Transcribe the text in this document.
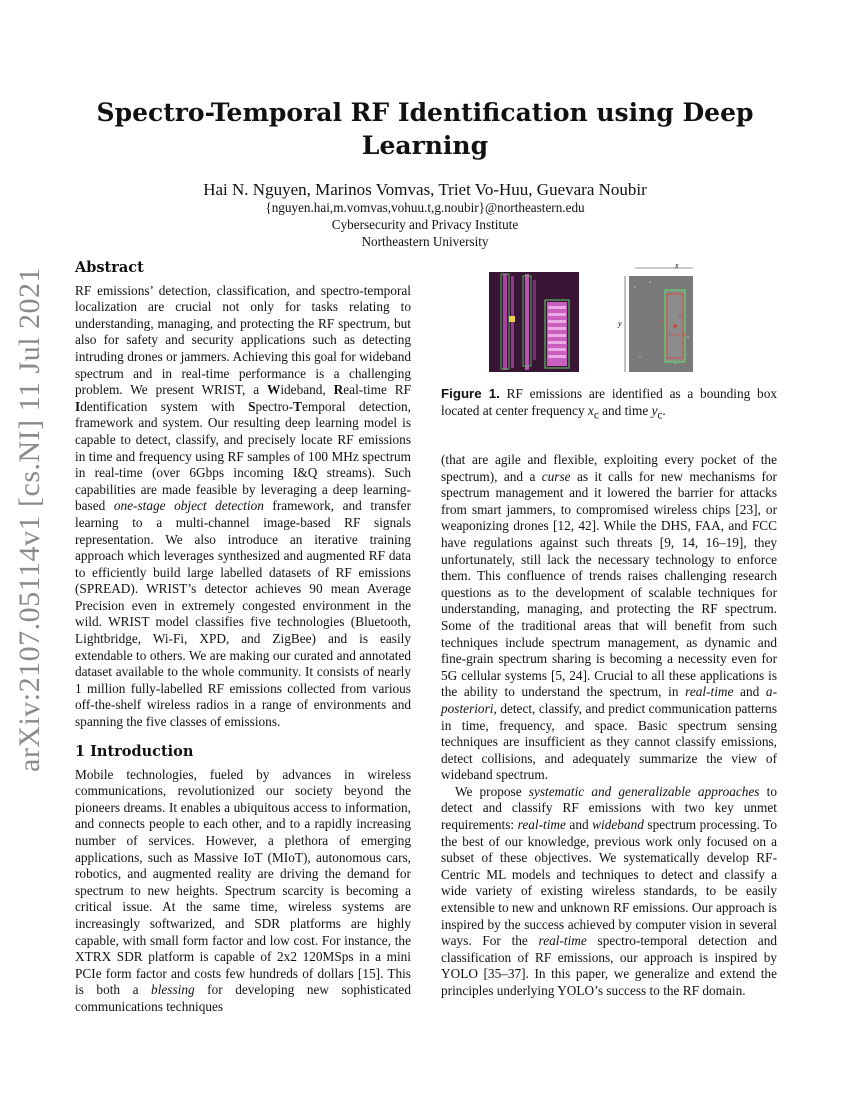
arXiv:2107.05114v1 [cs.NI] 11 Jul 2021
Spectro-Temporal RF Identification using Deep
Learning
Hai N. Nguyen, Marinos Vomvas, Triet Vo-Huu, Guevara Noubir
{nguyen.hai,m.vomvas,vohuu.t,g.noubir}@northeastern.edu
Cybersecurity and Privacy Institute
Northeastern University
Abstract

RF emissions’ detection, classification, and spectro-temporal localization are crucial not only for tasks relating to understanding, managing, and protecting the RF spectrum, but also for safety and security applications such as detecting intruding drones or jammers. Achieving this goal for wideband spectrum and in real-time performance is a challenging problem. We present WRIST, a Wideband, Real-time RF Identification system with Spectro-Temporal detection, framework and system. Our resulting deep learning model is capable to detect, classify, and precisely locate RF emissions in time and frequency using RF samples of 100 MHz spectrum in real-time (over 6Gbps incoming I&Q streams). Such capabilities are made feasible by leveraging a deep learning-based one-stage object detection framework, and transfer learning to a multi-channel image-based RF signals representation. We also introduce an iterative training approach which leverages synthesized and augmented RF data to efficiently build large labelled datasets of RF emissions (SPREAD). WRIST’s detector achieves 90 mean Average Precision even in extremely congested environment in the wild. WRIST model classifies five technologies (Bluetooth, Lightbridge, Wi-Fi, XPD, and ZigBee) and is easily extendable to others. We are making our curated and annotated dataset available to the whole community. It consists of nearly 1 million fully-labelled RF emissions collected from various off-the-shelf wireless radios in a range of environments and spanning the five classes of emissions.

1 Introduction

Mobile technologies, fueled by advances in wireless communications, revolutionized our society beyond the pioneers dreams. It enables a ubiquitous access to information, and connects people to each other, and to a rapidly increasing number of services. However, a plethora of emerging applications, such as Massive IoT (MIoT), autonomous cars, robotics, and augmented reality are driving the demand for spectrum to new heights. Spectrum scarcity is becoming a critical issue. At the same time, wireless systems are increasingly softwarized, and SDR platforms are highly capable, with small form factor and low cost. For instance, the XTRX SDR platform is capable of 2x2 120MSps in a mini PCIe form factor and costs few hundreds of dollars [15]. This is both a blessing for developing new sophisticated communications techniques

x
y	w
h
(x c,y c)
Figure 1. RF emissions are identified as a bounding box located at center frequency $x_c$ and time $y_c$.

(that are agile and flexible, exploiting every pocket of the spectrum), and a curse as it calls for new mechanisms for spectrum management and it lowered the barrier for attacks from smart jammers, to compromised wireless chips [23], or weaponizing drones [12, 42]. While the DHS, FAA, and FCC have regulations against such threats [9, 14, 16–19], they unfortunately, still lack the necessary technology to enforce them. This confluence of trends raises challenging research questions as to the development of scalable techniques for understanding, managing, and protecting the RF spectrum. Some of the traditional areas that will benefit from such techniques include spectrum management, as dynamic and fine-grain spectrum sharing is becoming a necessity even for 5G cellular systems [5, 24]. Crucial to all these applications is the ability to understand the spectrum, in real-time and a-posteriori, detect, classify, and predict communication patterns in time, frequency, and space. Basic spectrum sensing techniques are insufficient as they cannot classify emissions, detect collisions, and adequately summarize the view of wideband spectrum.

We propose systematic and generalizable approaches to detect and classify RF emissions with two key unmet requirements: real-time and wideband spectrum processing. To the best of our knowledge, previous work only focused on a subset of these objectives. We systematically develop RF-Centric ML models and techniques to detect and classify a wide variety of existing wireless standards, to be easily extensible to new and unknown RF emissions. Our approach is inspired by the success achieved by computer vision in several ways. For the real-time spectro-temporal detection and classification of RF emissions, our approach is inspired by YOLO [35–37]. In this paper, we generalize and extend the principles underlying YOLO’s success to the RF domain.
